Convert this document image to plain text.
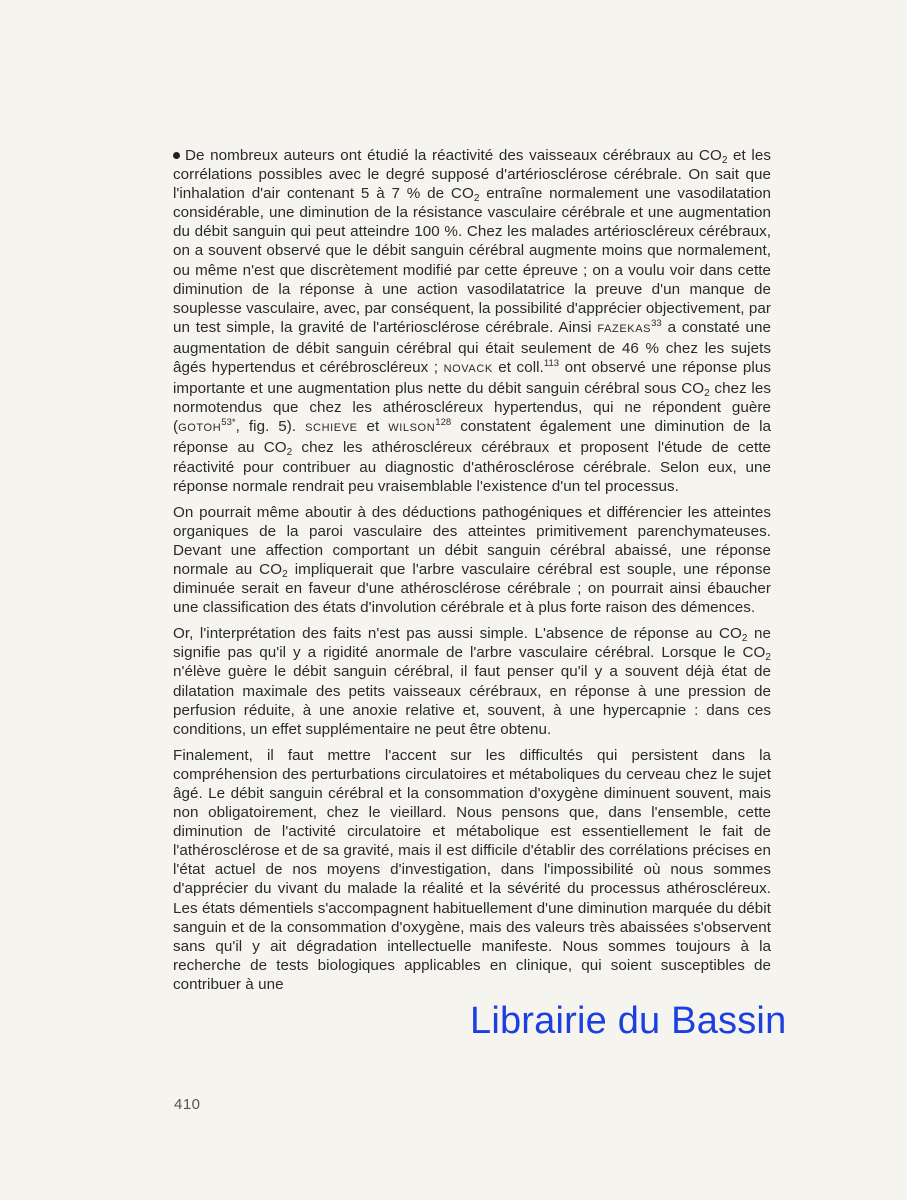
De nombreux auteurs ont étudié la réactivité des vaisseaux cérébraux au $CO_2$ et les corrélations possibles avec le degré supposé d'artériosclérose cérébrale. On sait que l'inhalation d'air contenant 5 à 7 % de $CO_2$ entraîne normalement une vasodilatation considérable, une diminution de la résistance vasculaire cérébrale et une augmentation du débit sanguin qui peut atteindre 100 %. Chez les malades artérioscléreux cérébraux, on a souvent observé que le débit sanguin cérébral augmente moins que normalement, ou même n'est que discrètement modifié par cette épreuve ; on a voulu voir dans cette diminution de la réponse à une action vasodilatatrice la preuve d'un manque de souplesse vasculaire, avec, par conséquent, la possibilité d'apprécier objectivement, par un test simple, la gravité de l'artériosclérose cérébrale. Ainsi FAZEKAS$^{33}$ a constaté une augmentation de débit sanguin cérébral qui était seulement de 46 % chez les sujets âgés hypertendus et cérébroscléreux ; NOVACK et coll.$^{113}$ ont observé une réponse plus importante et une augmentation plus nette du débit sanguin cérébral sous $CO_2$ chez les normotendus que chez les athéroscléreux hypertendus, qui ne répondent guère ($GOTOH^{53*}$, fig. 5). SCHIEVE et WILSON$^{128}$ constatent également une diminution de la réponse au $CO_2$ chez les athéroscléreux cérébraux et proposent l'étude de cette réactivité pour contribuer au diagnostic d'athérosclérose cérébrale. Selon eux, une réponse normale rendrait peu vraisemblable l'existence d'un tel processus.

On pourrait même aboutir à des déductions pathogéniques et différencier les atteintes organiques de la paroi vasculaire des atteintes primitivement parenchymateuses. Devant une affection comportant un débit sanguin cérébral abaissé, une réponse normale au $CO_2$ impliquerait que l'arbre vasculaire cérébral est souple, une réponse diminuée serait en faveur d'une athérosclérose cérébrale ; on pourrait ainsi ébaucher une classification des états d'involution cérébrale et à plus forte raison des démences.

Or, l'interprétation des faits n'est pas aussi simple. L'absence de réponse au $CO_2$ ne signifie pas qu'il y a rigidité anormale de l'arbre vasculaire cérébral. Lorsque le $CO_2$ n'élève guère le débit sanguin cérébral, il faut penser qu'il y a souvent déjà état de dilatation maximale des petits vaisseaux cérébraux, en réponse à une pression de perfusion réduite, à une anoxie relative et, souvent, à une hypercapnie : dans ces conditions, un effet supplémentaire ne peut être obtenu.

Finalement, il faut mettre l'accent sur les difficultés qui persistent dans la compréhension des perturbations circulatoires et métaboliques du cerveau chez le sujet âgé. Le débit sanguin cérébral et la consommation d'oxygène diminuent souvent, mais non obligatoirement, chez le vieillard. Nous pensons que, dans l'ensemble, cette diminution de l'activité circulatoire et métabolique est essentiellement le fait de l'athérosclérose et de sa gravité, mais il est difficile d'établir des corrélations précises en l'état actuel de nos moyens d'investigation, dans l'impossibilité où nous sommes d'apprécier du vivant du malade la réalité et la sévérité du processus athéroscléreux. Les états démentiels s'accompagnent habituellement d'une diminution marquée du débit sanguin et de la consommation d'oxygène, mais des valeurs très abaissées s'observent sans qu'il y ait dégradation intellectuelle manifeste. Nous sommes toujours à la recherche de tests biologiques applicables en clinique, qui soient susceptibles de contribuer à une

410
Librairie du Bassin
